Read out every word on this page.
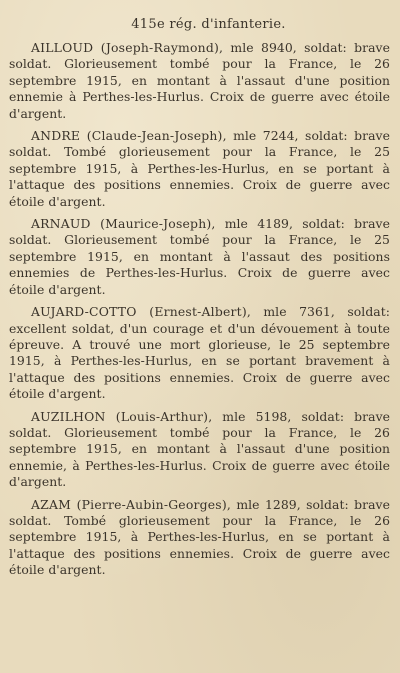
415e rég. d'infanterie.

AILLOUD (Joseph-Raymond), mle 8940, soldat: brave soldat. Glorieusement tombé pour la France, le 26 septembre 1915, en montant à l'assaut d'une position ennemie à Perthes-les-Hurlus. Croix de guerre avec étoile d'argent.

ANDRE (Claude-Jean-Joseph), mle 7244, soldat: brave soldat. Tombé glorieusement pour la France, le 25 septembre 1915, à Perthes-les-Hurlus, en se portant à l'attaque des positions ennemies. Croix de guerre avec étoile d'argent.

ARNAUD (Maurice-Joseph), mle 4189, soldat: brave soldat. Glorieusement tombé pour la France, le 25 septembre 1915, en montant à l'assaut des positions ennemies de Perthes-les-Hurlus. Croix de guerre avec étoile d'argent.

AUJARD-COTTO (Ernest-Albert), mle 7361, soldat: excellent soldat, d'un courage et d'un dévouement à toute épreuve. A trouvé une mort glorieuse, le 25 septembre 1915, à Perthes-les-Hurlus, en se portant bravement à l'attaque des positions ennemies. Croix de guerre avec étoile d'argent.

AUZILHON (Louis-Arthur), mle 5198, soldat: brave soldat. Glorieusement tombé pour la France, le 26 septembre 1915, en montant à l'assaut d'une position ennemie, à Perthes-les-Hurlus. Croix de guerre avec étoile d'argent.

AZAM (Pierre-Aubin-Georges), mle 1289, soldat: brave soldat. Tombé glorieusement pour la France, le 26 septembre 1915, à Perthes-les-Hurlus, en se portant à l'attaque des positions ennemies. Croix de guerre avec étoile d'argent.
